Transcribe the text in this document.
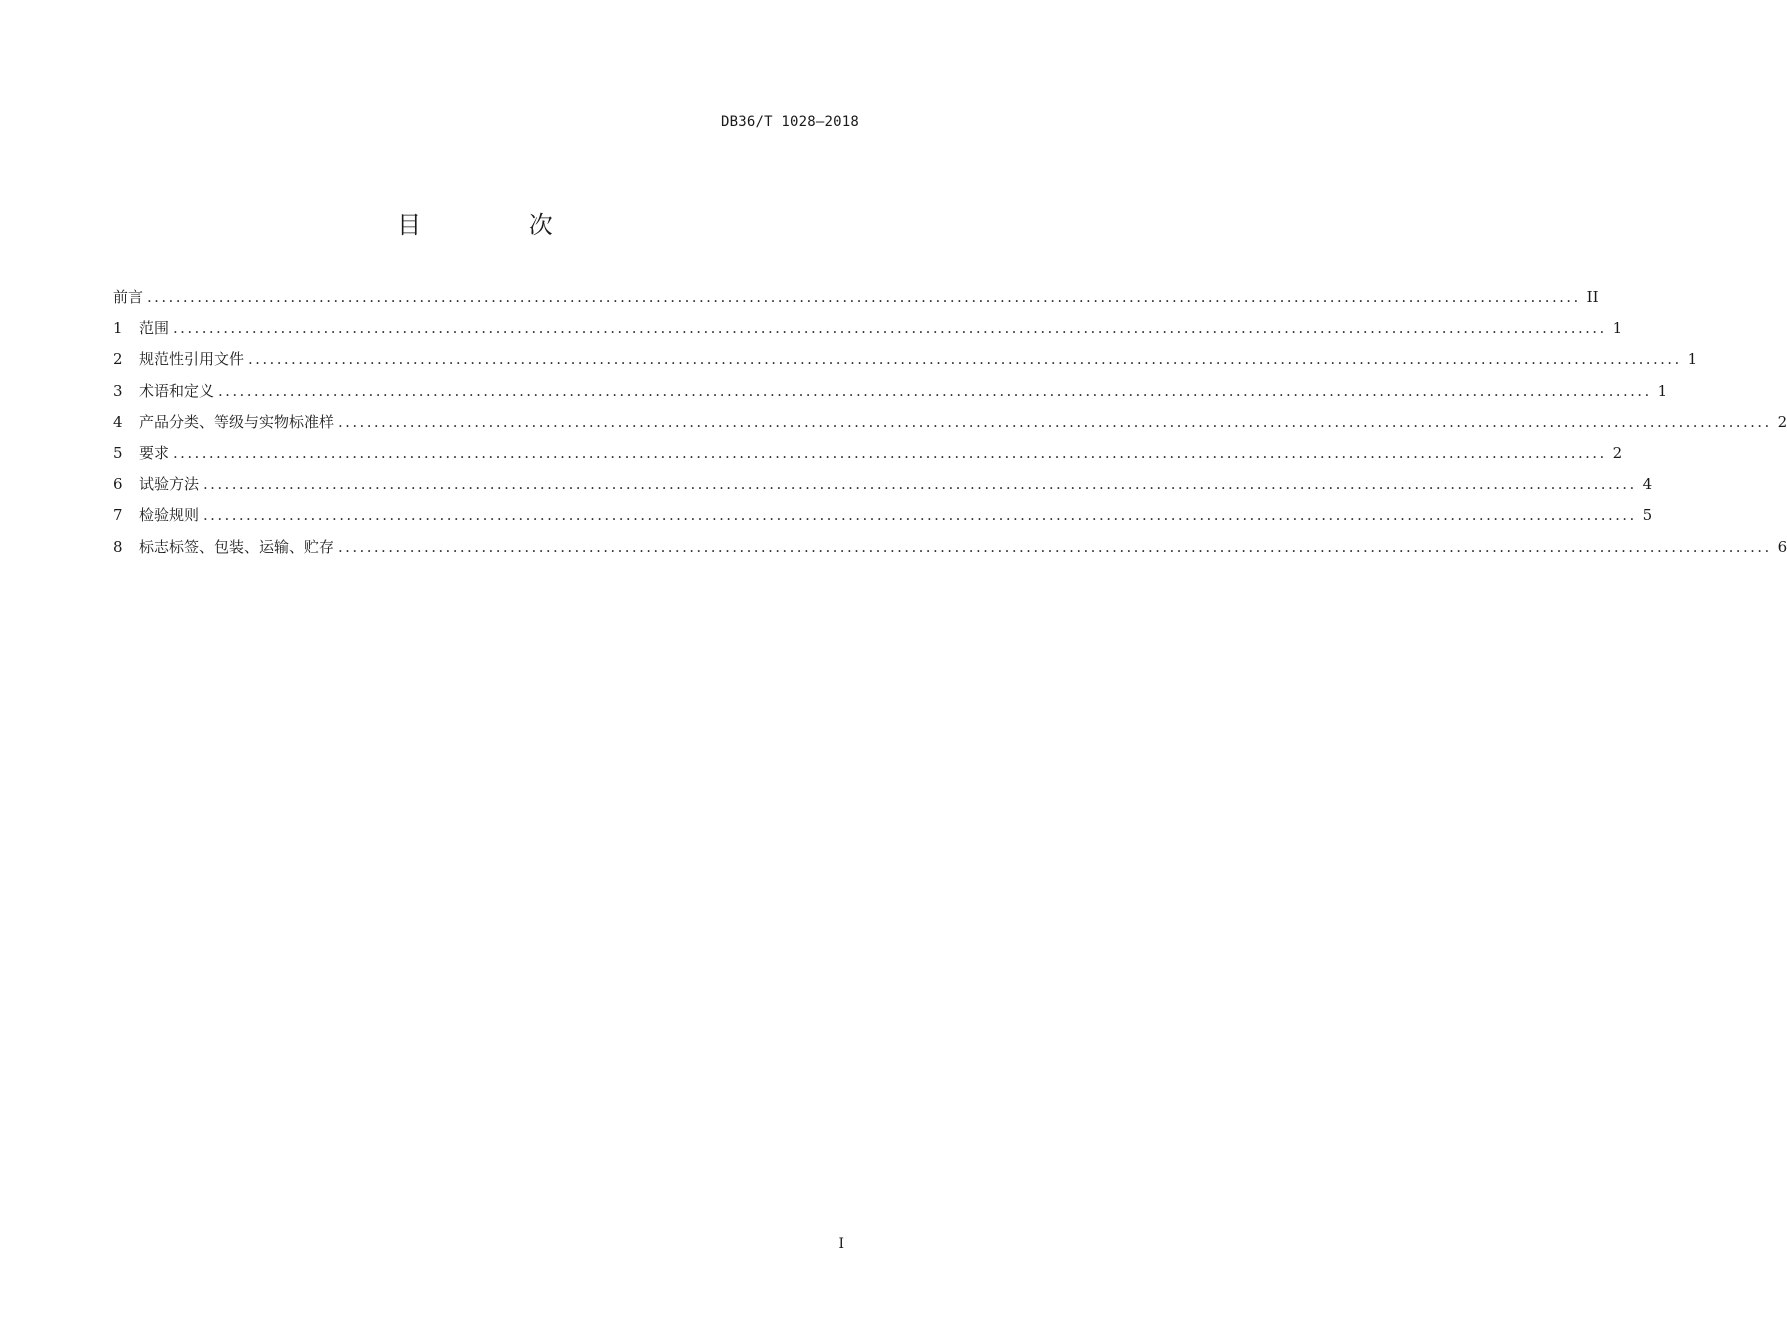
DB36/T 1028—2018
目 次
前言 ........................................................................................................................................................................................................ II
1	范围 ........................................................................................................................................................................................................ 1
2	规范性引用文件 ........................................................................................................................................................................................................ 1
3	术语和定义 ........................................................................................................................................................................................................ 1
4	产品分类、等级与实物标准样 ........................................................................................................................................................................................................ 2
5	要求 ........................................................................................................................................................................................................ 2
6	试验方法 ........................................................................................................................................................................................................ 4
7	检验规则 ........................................................................................................................................................................................................ 5
8	标志标签、包装、运输、贮存 ........................................................................................................................................................................................................ 6
I
